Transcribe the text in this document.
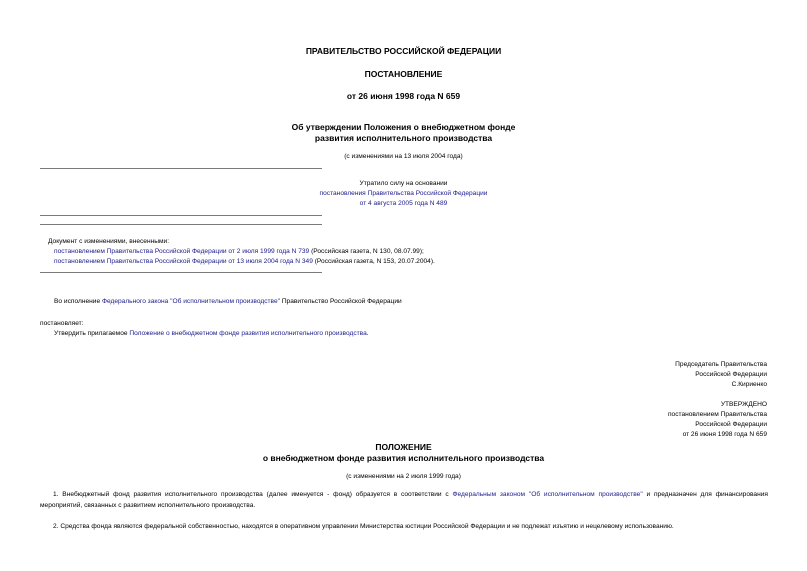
ПРАВИТЕЛЬСТВО РОССИЙСКОЙ ФЕДЕРАЦИИ
ПОСТАНОВЛЕНИЕ
от 26 июня 1998 года N 659
Об утверждении Положения о внебюджетном фонде
развития исполнительного производства
(с изменениями на 13 июля 2004 года)
Утратило силу на основании
постановления Правительства Российской Федерации
от 4 августа 2005 года N 489
Документ с изменениями, внесенными:
постановлением Правительства Российской Федерации от 2 июля 1999 года N 739 (Российская газета, N 130, 08.07.99);
постановлением Правительства Российской Федерации от 13 июля 2004 года N 349 (Российская газета, N 153, 20.07.2004).
Во исполнение Федерального закона "Об исполнительном производстве" Правительство Российской Федерации
постановляет:
Утвердить прилагаемое Положение о внебюджетном фонде развития исполнительного производства.
Председатель Правительства
Российской Федерации
С.Кириенко
УТВЕРЖДЕНО
постановлением Правительства
Российской Федерации
от 26 июня 1998 года N 659
ПОЛОЖЕНИЕ
о внебюджетном фонде развития исполнительного производства
(с изменениями на 2 июля 1999 года)
1. Внебюджетный фонд развития исполнительного производства (далее именуется - фонд) образуется в соответствии с Федеральным законом "Об исполнительном производстве" и предназначен для финансирования мероприятий, связанных с развитием исполнительного производства.
2. Средства фонда являются федеральной собственностью, находятся в оперативном управлении Министерства юстиции Российской Федерации и не подлежат изъятию и нецелевому использованию.
